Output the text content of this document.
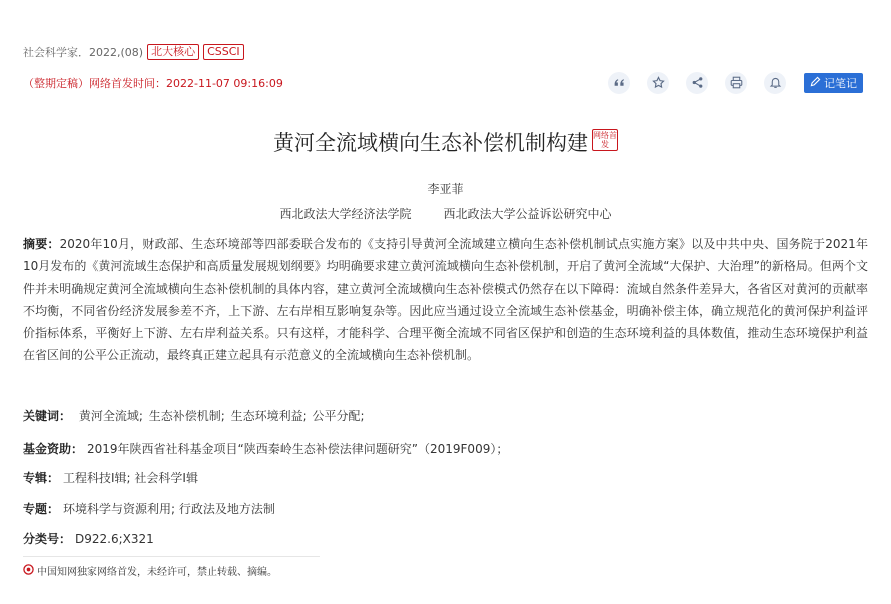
社会科学家．2022,(08) 北大核心	CSSCI
（整期定稿）网络首发时间：2022-11-07 09:16:09	记笔记
黄河全流域横向生态补偿机制构建 网络首发
李亚菲
西北政法大学经济法学院	西北政法大学公益诉讼研究中心
摘要：2020年10月，财政部、生态环境部等四部委联合发布的《支持引导黄河全流域建立横向生态补偿机制试点实施方案》以及中共中央、国务院于2021年10月发布的《黄河流域生态保护和高质量发展规划纲要》均明确要求建立黄河流域横向生态补偿机制，开启了黄河全流域“大保护、大治理”的新格局。但两个文件并未明确规定黄河全流域横向生态补偿机制的具体内容，建立黄河全流域横向生态补偿模式仍然存在以下障碍：流域自然条件差异大，各省区对黄河的贡献率不均衡，不同省份经济发展参差不齐，上下游、左右岸相互影响复杂等。因此应当通过设立全流域生态补偿基金，明确补偿主体，确立规范化的黄河保护利益评价指标体系，平衡好上下游、左右岸利益关系。只有这样，才能科学、合理平衡全流域不同省区保护和创造的生态环境利益的具体数值，推动生态环境保护利益在省区间的公平公正流动，最终真正建立起具有示范意义的全流域横向生态补偿机制。
关键词： 黄河全流域; 生态补偿机制; 生态环境利益; 公平分配;
基金资助： 2019年陕西省社科基金项目“陕西秦岭生态补偿法律问题研究”（2019F009）；
专辑： 工程科技Ⅰ辑; 社会科学Ⅰ辑
专题： 环境科学与资源利用; 行政法及地方法制
分类号： D922.6;X321
中国知网独家网络首发，未经许可，禁止转载、摘编。
